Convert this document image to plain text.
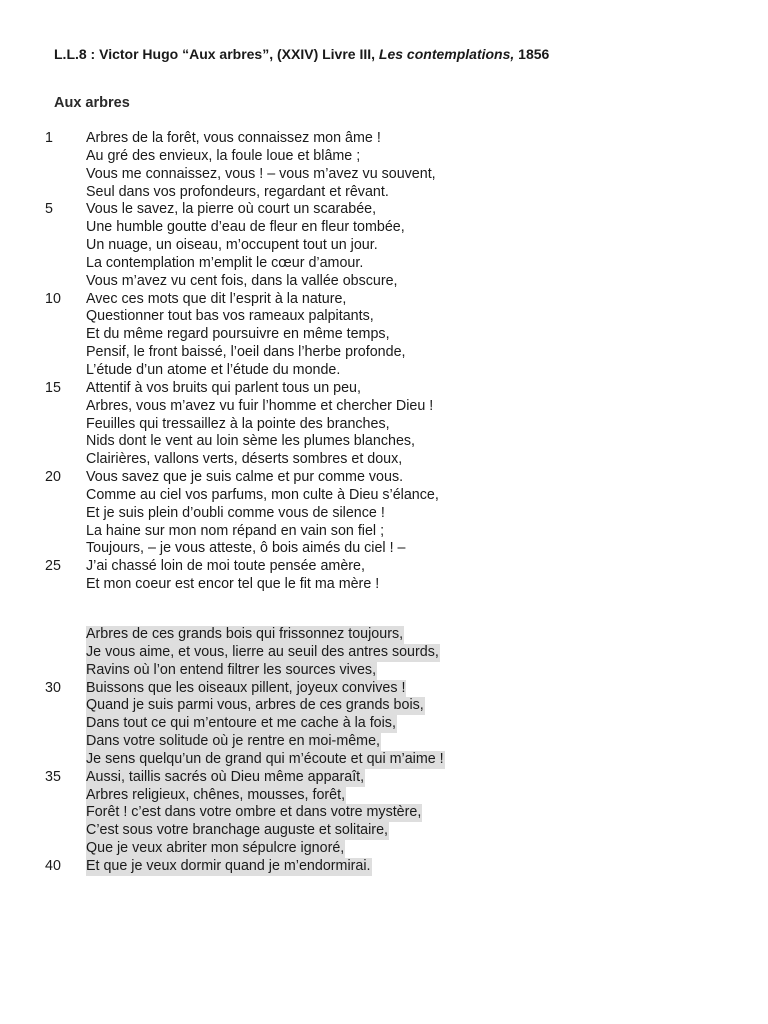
L.L.8 : Victor Hugo “Aux arbres”, (XXIV) Livre III, Les contemplations, 1856
Aux arbres
1	Arbres de la forêt, vous connaissez mon âme !
Au gré des envieux, la foule loue et blâme ;
Vous me connaissez, vous ! – vous m’avez vu souvent,
Seul dans vos profondeurs, regardant et rêvant.
5	Vous le savez, la pierre où court un scarabée,
Une humble goutte d’eau de fleur en fleur tombée,
Un nuage, un oiseau, m’occupent tout un jour.
La contemplation m’emplit le cœur d’amour.
Vous m’avez vu cent fois, dans la vallée obscure,
10	Avec ces mots que dit l’esprit à la nature,
Questionner tout bas vos rameaux palpitants,
Et du même regard poursuivre en même temps,
Pensif, le front baissé, l’oeil dans l’herbe profonde,
L’étude d’un atome et l’étude du monde.
15	Attentif à vos bruits qui parlent tous un peu,
Arbres, vous m’avez vu fuir l’homme et chercher Dieu !
Feuilles qui tressaillez à la pointe des branches,
Nids dont le vent au loin sème les plumes blanches,
Clairières, vallons verts, déserts sombres et doux,
20	Vous savez que je suis calme et pur comme vous.
Comme au ciel vos parfums, mon culte à Dieu s’élance,
Et je suis plein d’oubli comme vous de silence !
La haine sur mon nom répand en vain son fiel ;
Toujours, – je vous atteste, ô bois aimés du ciel ! –
25	J’ai chassé loin de moi toute pensée amère,
Et mon coeur est encor tel que le fit ma mère !
Arbres de ces grands bois qui frissonnez toujours,
Je vous aime, et vous, lierre au seuil des antres sourds,
Ravins où l’on entend filtrer les sources vives,
30	Buissons que les oiseaux pillent, joyeux convives !
Quand je suis parmi vous, arbres de ces grands bois,
Dans tout ce qui m’entoure et me cache à la fois,
Dans votre solitude où je rentre en moi-même,
Je sens quelqu’un de grand qui m’écoute et qui m’aime !
35	Aussi, taillis sacrés où Dieu même apparaît,
Arbres religieux, chênes, mousses, forêt,
Forêt ! c’est dans votre ombre et dans votre mystère,
C’est sous votre branchage auguste et solitaire,
Que je veux abriter mon sépulcre ignoré,
40	Et que je veux dormir quand je m’endormirai.
